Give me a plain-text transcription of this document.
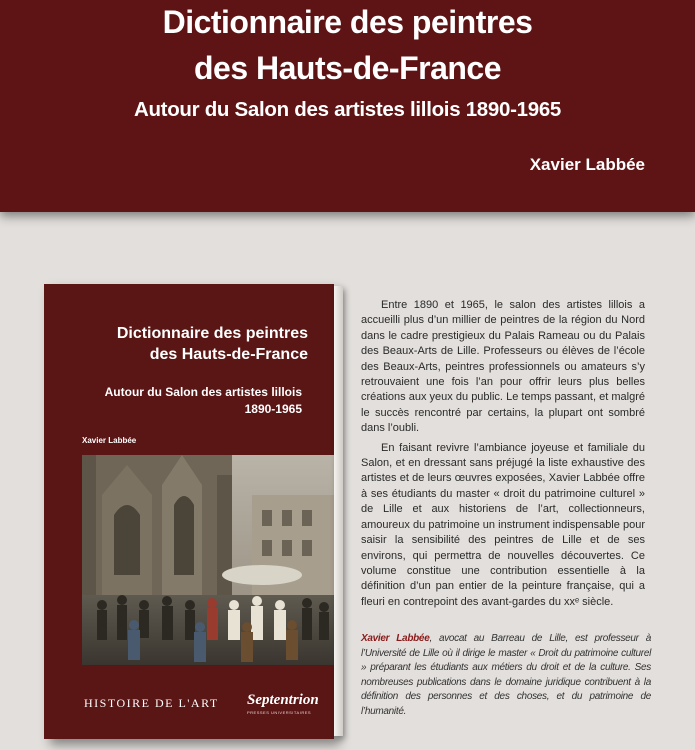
Dictionnaire des peintres
des Hauts-de-France
Autour du Salon des artistes lillois 1890-1965
Xavier Labbée
Dictionnaire des peintres
des Hauts-de-France
Autour du Salon des artistes lillois
1890-1965
Xavier Labbée
HISTOIRE DE L'ART Septentrion
PRESSES UNIVERSITAIRES

Entre 1890 et 1965, le salon des artistes lillois a accueilli plus d’un millier de peintres de la région du Nord dans le cadre prestigieux du Palais Rameau ou du Palais des Beaux-Arts de Lille. Professeurs ou élèves de l’école des Beaux-Arts, peintres professionnels ou amateurs s’y retrouvaient une fois l’an pour offrir leurs plus belles créations aux yeux du public. Le temps passant, et malgré le succès rencontré par certains, la plupart ont sombré dans l’oubli.

En faisant revivre l’ambiance joyeuse et familiale du Salon, et en dressant sans préjugé la liste exhaustive des artistes et de leurs œuvres exposées, Xavier Labbée offre à ses étudiants du master « droit du patrimoine culturel » de Lille et aux historiens de l’art, collectionneurs, amoureux du patrimoine un instrument indispensable pour saisir la sensibilité des peintres de Lille et de ses environs, qui permettra de nouvelles découvertes. Ce volume constitue une contribution essentielle à la définition d’un pan entier de la peinture française, qui a fleuri en contrepoint des avant-gardes du xxᵉ siècle.

Xavier Labbée, avocat au Barreau de Lille, est professeur à l’Université de Lille où il dirige le master « Droit du patrimoine culturel » préparant les étudiants aux métiers du droit et de la culture. Ses nombreuses publications dans le domaine juridique contribuent à la définition des personnes et des choses, et du patrimoine de l’humanité.
